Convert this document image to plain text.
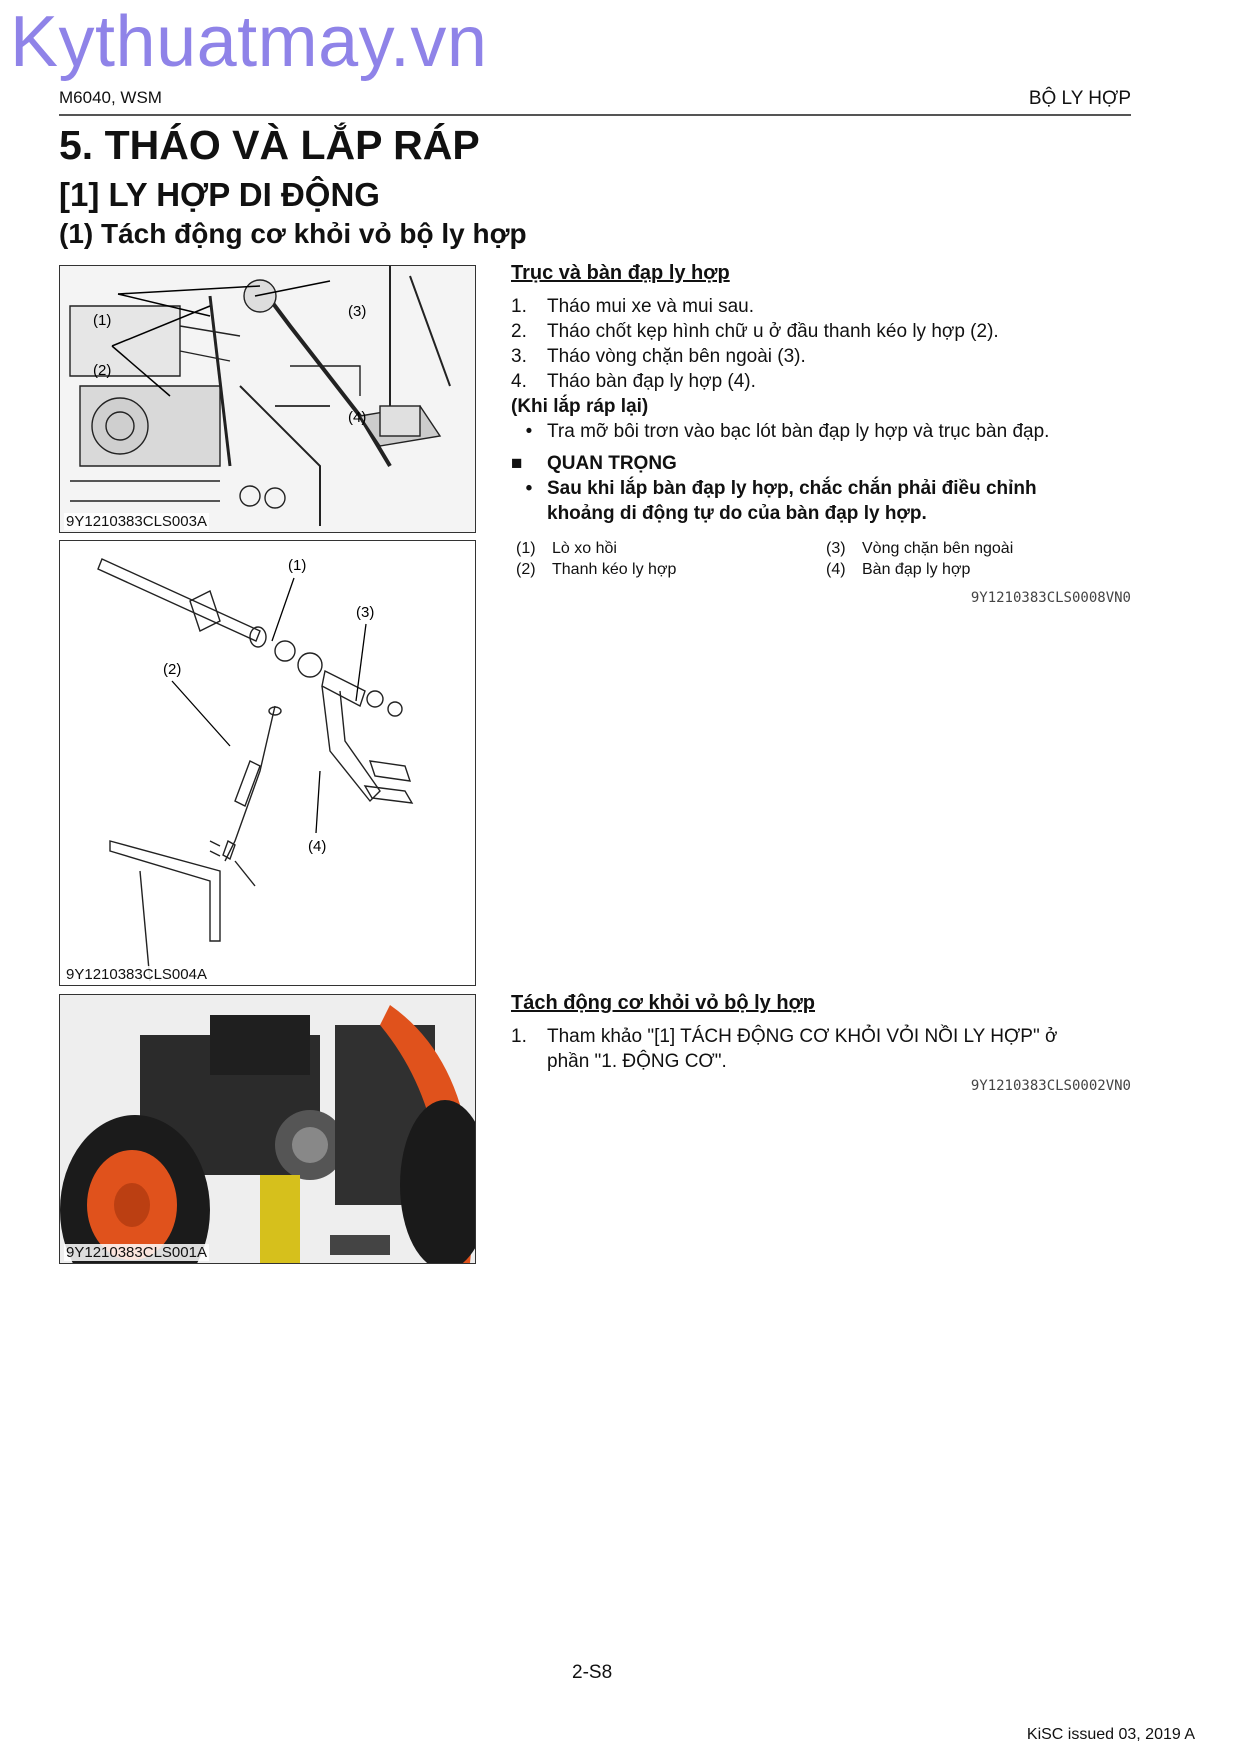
Kythuatmay.vn
M6040, WSM	BỘ LY HỢP
5. THÁO VÀ LẮP RÁP
[1] LY HỢP DI ĐỘNG
(1) Tách động cơ khỏi vỏ bộ ly hợp
(1)
(2)
(3)
(4)
9Y1210383CLS003A
(1)
(3)
(2)
(4)
9Y1210383CLS004A
9Y1210383CLS001A
Trục và bàn đạp ly hợp
1.	Tháo mui xe và mui sau.
2.	Tháo chốt kẹp hình chữ u ở đầu thanh kéo ly hợp (2).
3.	Tháo vòng chặn bên ngoài (3).
4.	Tháo bàn đạp ly hợp (4).
(Khi lắp ráp lại)
• Tra mỡ bôi trơn vào bạc lót bàn đạp ly hợp và trục bàn đạp.
■	QUAN TRỌNG
• Sau khi lắp bàn đạp ly hợp, chắc chắn phải điều chỉnh
khoảng di động tự do của bàn đạp ly hợp.
(1)	Lò xo hồi
(2)	Thanh kéo ly hợp
(3)	Vòng chặn bên ngoài
(4)	Bàn đạp ly hợp
9Y1210383CLS0008VN0
Tách động cơ khỏi vỏ bộ ly hợp
1.	Tham khảo "[1] TÁCH ĐỘNG CƠ KHỎI VỎI NỒI LY HỢP" ở
phần "1. ĐỘNG CƠ".
9Y1210383CLS0002VN0
2-S8
KiSC issued 03, 2019 A
